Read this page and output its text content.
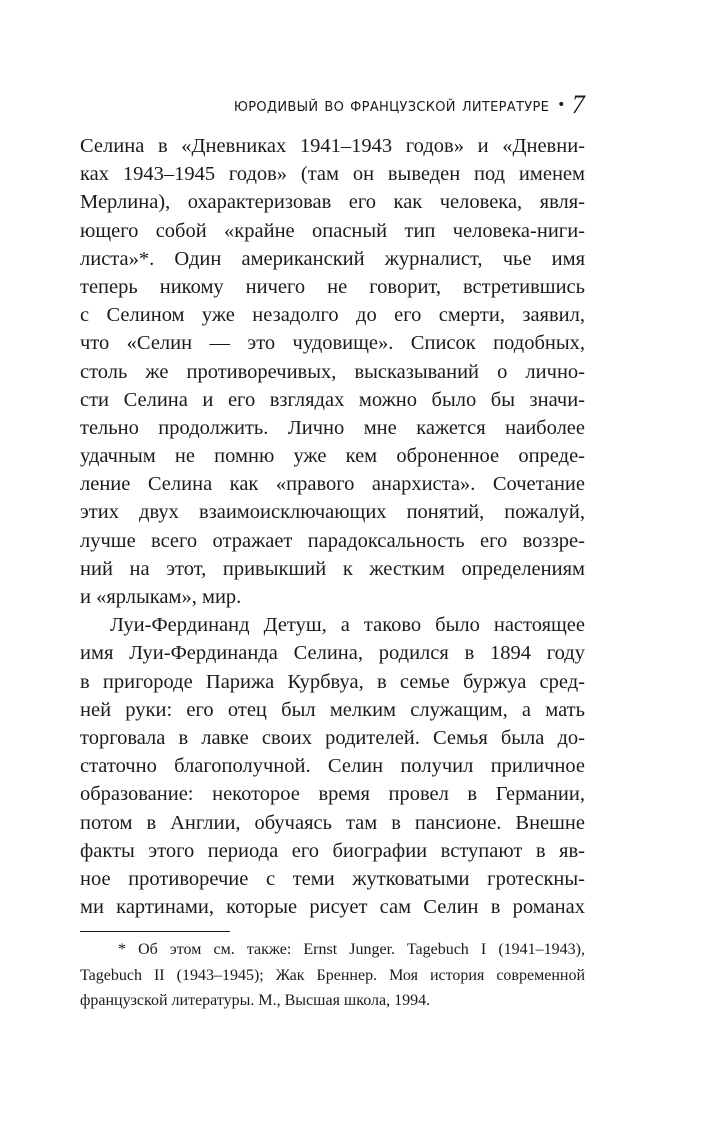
юродивый во французской литературе • 7
Селина в «Дневниках 1941–1943 годов» и «Дневни-
ках 1943–1945 годов» (там он выведен под именем
Мерлина), охарактеризовав его как человека, явля-
ющего собой «крайне опасный тип человека-ниги-
листа»*. Один американский журналист, чье имя
теперь никому ничего не говорит, встретившись
с Селином уже незадолго до его смерти, заявил,
что «Селин — это чудовище». Список подобных,
столь же противоречивых, высказываний о лично-
сти Селина и его взглядах можно было бы значи-
тельно продолжить. Лично мне кажется наиболее
удачным не помню уже кем оброненное опреде-
ление Селина как «правого анархиста». Сочетание
этих двух взаимоисключающих понятий, пожалуй,
лучше всего отражает парадоксальность его воззре-
ний на этот, привыкший к жестким определениям
и «ярлыкам», мир.
Луи-Фердинанд Детуш, а таково было настоящее
имя Луи-Фердинанда Селина, родился в 1894 году
в пригороде Парижа Курбвуа, в семье буржуа сред-
ней руки: его отец был мелким служащим, а мать
торговала в лавке своих родителей. Семья была до-
статочно благополучной. Селин получил приличное
образование: некоторое время провел в Германии,
потом в Англии, обучаясь там в пансионе. Внешне
факты этого периода его биографии вступают в яв-
ное противоречие с теми жутковатыми гротескны-
ми картинами, которые рисует сам Селин в романах
* Об этом см. также: Ernst Junger. Tagebuch I (1941–1943),
Tagebuch II (1943–1945); Жак Бреннер. Моя история современной
французской литературы. М., Высшая школа, 1994.
